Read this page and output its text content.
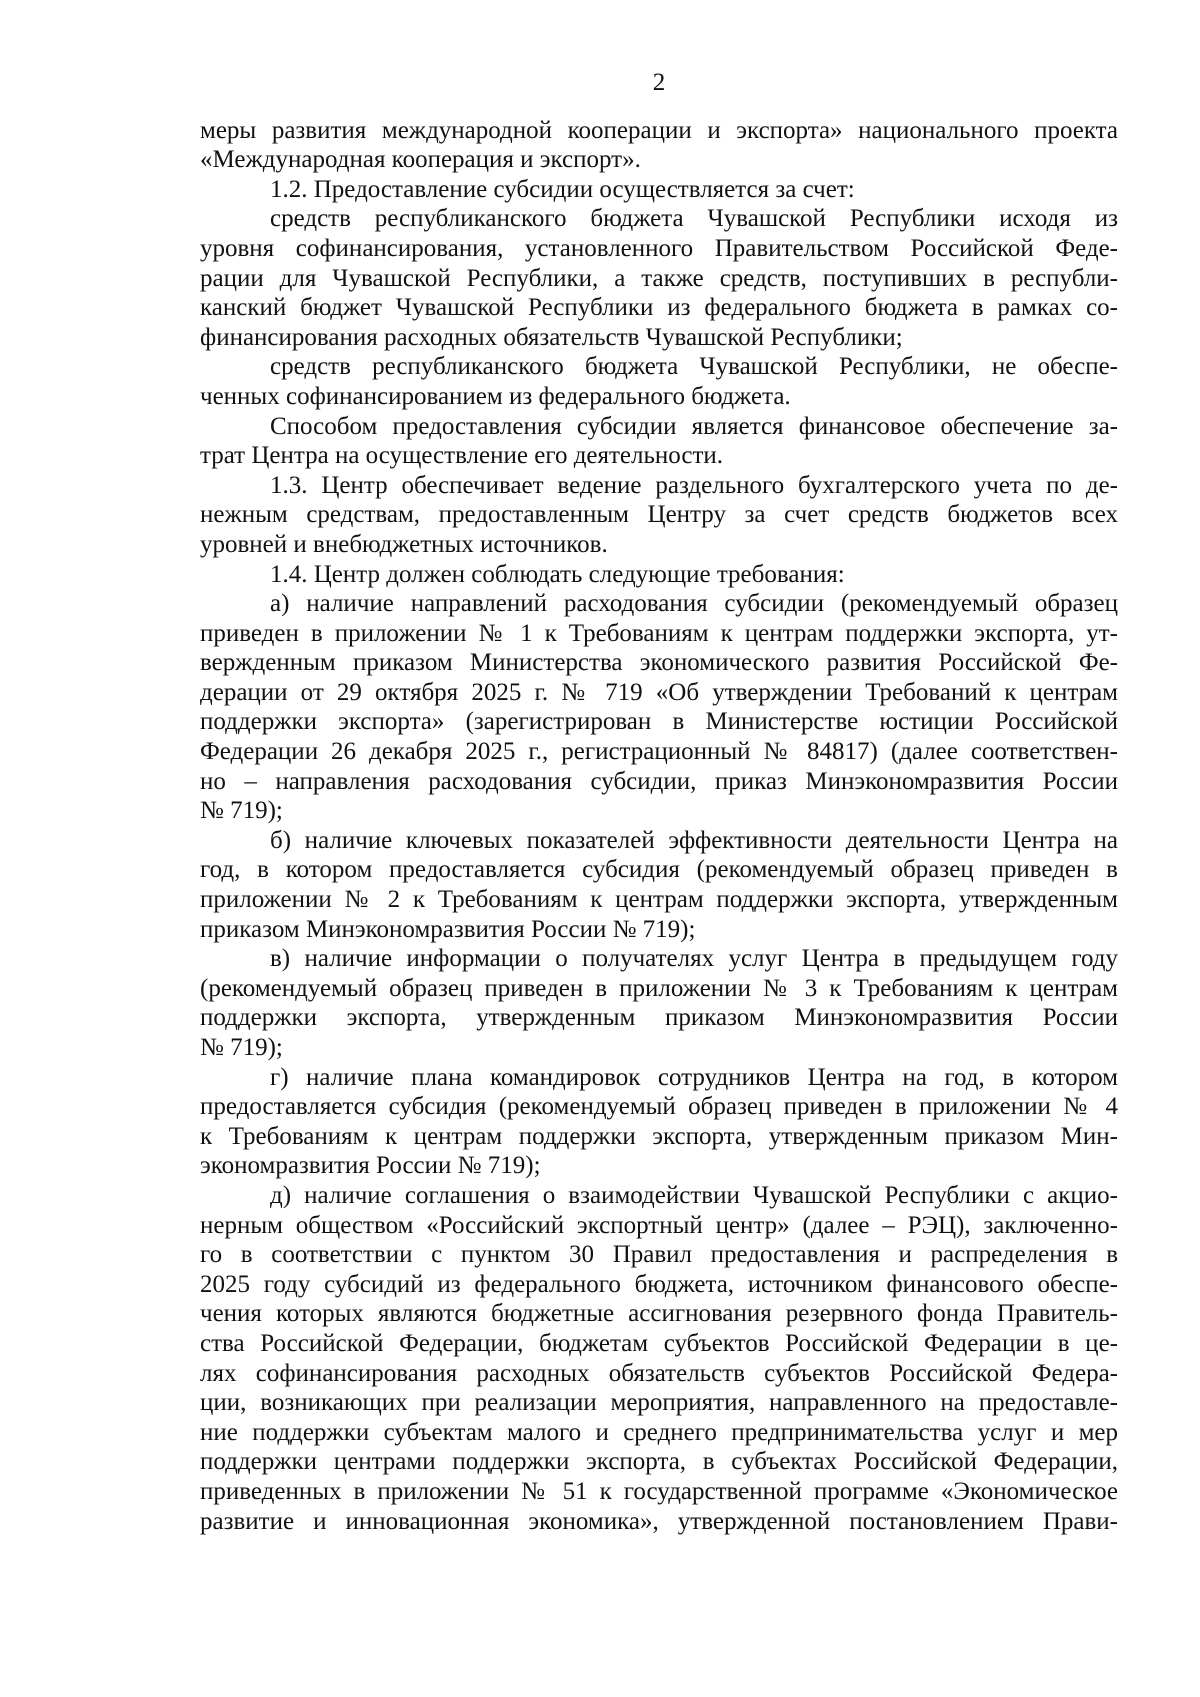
2
меры развития международной кооперации и экспорта» национального проекта
«Международная кооперация и экспорт».
1.2. Предоставление субсидии осуществляется за счет:
средств республиканского бюджета Чувашской Республики исходя из
уровня софинансирования, установленного Правительством Российской Феде-
рации для Чувашской Республики, а также средств, поступивших в республи-
канский бюджет Чувашской Республики из федерального бюджета в рамках со-
финансирования расходных обязательств Чувашской Республики;
средств республиканского бюджета Чувашской Республики, не обеспе-
ченных софинансированием из федерального бюджета.
Способом предоставления субсидии является финансовое обеспечение за-
трат Центра на осуществление его деятельности.
1.3. Центр обеспечивает ведение раздельного бухгалтерского учета по де-
нежным средствам, предоставленным Центру за счет средств бюджетов всех
уровней и внебюджетных источников.
1.4. Центр должен соблюдать следующие требования:
а) наличие направлений расходования субсидии (рекомендуемый образец
приведен в приложении № 1 к Требованиям к центрам поддержки экспорта, ут-
вержденным приказом Министерства экономического развития Российской Фе-
дерации от 29 октября 2025 г. № 719 «Об утверждении Требований к центрам
поддержки экспорта» (зарегистрирован в Министерстве юстиции Российской
Федерации 26 декабря 2025 г., регистрационный № 84817) (далее соответствен-
но – направления расходования субсидии, приказ Минэкономразвития России
№ 719);
б) наличие ключевых показателей эффективности деятельности Центра на
год, в котором предоставляется субсидия (рекомендуемый образец приведен в
приложении № 2 к Требованиям к центрам поддержки экспорта, утвержденным
приказом Минэкономразвития России № 719);
в) наличие информации о получателях услуг Центра в предыдущем году
(рекомендуемый образец приведен в приложении № 3 к Требованиям к центрам
поддержки экспорта, утвержденным приказом Минэкономразвития России
№ 719);
г) наличие плана командировок сотрудников Центра на год, в котором
предоставляется субсидия (рекомендуемый образец приведен в приложении № 4
к Требованиям к центрам поддержки экспорта, утвержденным приказом Мин-
экономразвития России № 719);
д) наличие соглашения о взаимодействии Чувашской Республики с акцио-
нерным обществом «Российский экспортный центр» (далее – РЭЦ), заключенно-
го в соответствии с пунктом 30 Правил предоставления и распределения в
2025 году субсидий из федерального бюджета, источником финансового обеспе-
чения которых являются бюджетные ассигнования резервного фонда Правитель-
ства Российской Федерации, бюджетам субъектов Российской Федерации в це-
лях софинансирования расходных обязательств субъектов Российской Федера-
ции, возникающих при реализации мероприятия, направленного на предоставле-
ние поддержки субъектам малого и среднего предпринимательства услуг и мер
поддержки центрами поддержки экспорта, в субъектах Российской Федерации,
приведенных в приложении № 51 к государственной программе «Экономическое
развитие и инновационная экономика», утвержденной постановлением Прави-
